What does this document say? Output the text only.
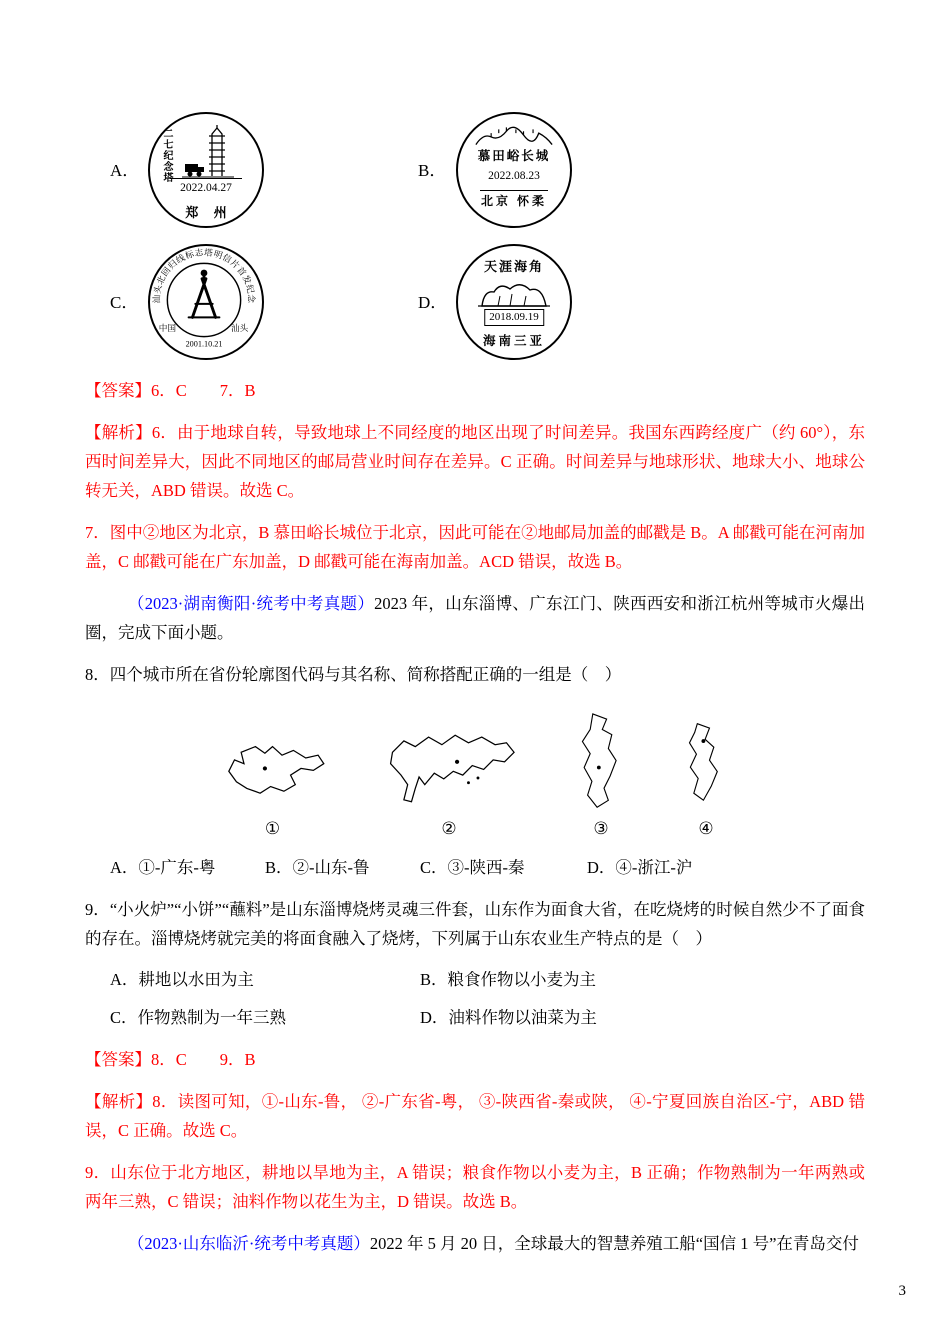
A．	二七纪念塔
2022.04.27
郑 州
B．
慕田峪长城
2022.08.23
北京 怀柔
C．	汕头北回归线标志塔明信片首发纪念
中国	汕头
2001.10.21
D．
天涯海角
2018.09.19
海南三亚

【答案】6．C　　7．B

【解析】6．由于地球自转，导致地球上不同经度的地区出现了时间差异。我国东西跨经度广（约 60°），东西时间差异大，因此不同地区的邮局营业时间存在差异。C 正确。时间差异与地球形状、地球大小、地球公转无关，ABD 错误。故选 C。

7．图中②地区为北京，B 慕田峪长城位于北京，因此可能在②地邮局加盖的邮戳是 B。A 邮戳可能在河南加盖，C 邮戳可能在广东加盖，D 邮戳可能在海南加盖。ACD 错误，故选 B。

（2023·湖南衡阳·统考中考真题）2023 年，山东淄博、广东江门、陕西西安和浙江杭州等城市火爆出圈，完成下面小题。

8．四个城市所在省份轮廓图代码与其名称、简称搭配正确的一组是（　）

①	②	③	④
A．①-广东-粤	B．②-山东-鲁	C．③-陕西-秦	D．④-浙江-沪

9．“小火炉”“小饼”“蘸料”是山东淄博烧烤灵魂三件套，山东作为面食大省，在吃烧烤的时候自然少不了面食的存在。淄博烧烤就完美的将面食融入了烧烤，下列属于山东农业生产特点的是（　）

A．耕地以水田为主	B．粮食作物以小麦为主
C．作物熟制为一年三熟	D．油料作物以油菜为主

【答案】8．C　　9．B

【解析】8．读图可知，①-山东-鲁， ②-广东省-粤， ③-陕西省-秦或陕， ④-宁夏回族自治区-宁，ABD 错误，C 正确。故选 C。

9．山东位于北方地区，耕地以旱地为主，A 错误；粮食作物以小麦为主，B 正确；作物熟制为一年两熟或两年三熟，C 错误；油料作物以花生为主，D 错误。故选 B。

（2023·山东临沂·统考中考真题）2022 年 5 月 20 日，全球最大的智慧养殖工船“国信 1 号”在青岛交付

3
